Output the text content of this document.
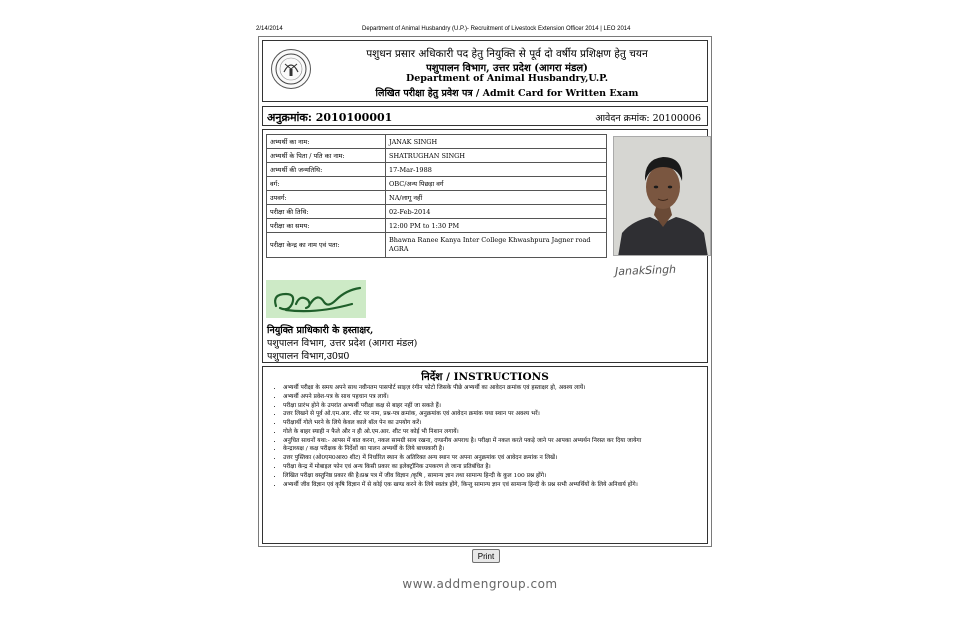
2/14/2014	Department of Animal Husbandry (U.P.)- Recruitment of Livestock Extension Officer 2014 | LEO 2014
पशुधन प्रसार अधिकारी पद हेतु नियुक्ति से पूर्व दो वर्षीय प्रशिक्षण हेतु चयन
पशुपालन विभाग, उत्तर प्रदेश (आगरा मंडल)
Department of Animal Husbandry,U.P.
लिखित परीक्षा हेतु प्रवेश पत्र / Admit Card for Written Exam
अनुक्रमांक: 2010100001	आवेदन क्रमांक: 20100006
अभ्यर्थी का नाम:	JANAK SINGH
अभ्यर्थी के पिता / पति का नाम:	SHATRUGHAN SINGH
अभ्यर्थी की जन्मतिथि:	17-Mar-1988
वर्ग:	OBC/अन्य पिछड़ा वर्ग
उपवर्ग:	NA/लागू नहीं
परीक्षा की तिथि:	02-Feb-2014
परीक्षा का समय:	12:00 PM to 1:30 PM
परीक्षा केन्द्र का नाम एवं पता:	Bhawna Ranee Kanya Inter College Khwashpura Jagner road AGRA
JanakSingh
नियुक्ति प्राधिकारी के हस्ताक्षर,
पशुपालन विभाग, उत्तर प्रदेश (आगरा मंडल)
पशुपालन विभाग,उ0प्र0
निर्देश / INSTRUCTIONS
• अभ्यर्थी परीक्षा के समय अपने साथ नवीनतम पासपोर्ट साइज़ रंगीन फोटो जिसके पीछे अभ्यर्थी का आवेदन क्रमांक एवं हस्ताक्षर हो, अवश्य लायें।
• अभ्यर्थी अपने प्रवेश-पत्र के साथ पहचान पत्र लायें।
• परीक्षा प्रारंभ होने के उपरांत अभ्यर्थी परीक्षा कक्ष से बाहर नहीं जा सकते हैं।
• उत्तर लिखने से पूर्व ओ.एम.आर. शीट पर नाम, प्रश्न-पत्र क्रमांक, अनुक्रमांक एवं आवेदन क्रमांक यथा स्थान पर अवश्य भरें।
• परीक्षार्थी गोले भरने के लिये केवल काले बॉल पेन का उपयोग करें।
• गोले के बाहर स्याही न फैले और न ही ओ.एम.आर. शीट पर कोई भी निशान लगायें।
• अनुचित साधनों यथा:- आपस में बात करना, नकल सामग्री साथ रखना, दण्डनीय अपराध है। परीक्षा में नकल करते पकड़े जाने पर आपका अभ्यर्थन निरस्त कर दिया जायेगा
• केन्द्राध्यक्ष / कक्ष परीक्षक के निर्देशों का पालन अभ्यर्थी के लिये बाध्यकारी है।
• उत्तर पुस्तिका (ओ0एम0आर0 शीट) में निर्धारित स्थान के अतिरिक्त अन्य स्थान पर अपना अनुक्रमांक एवं आवेदन क्रमांक न लिखें।
• परीक्षा केन्द्र में मोबाइल फोन एवं अन्य किसी प्रकार का इलेक्ट्रॉनिक उपकरण ले जाना प्रतिबंधित है।
• लिखित परीक्षा वस्तुनिष्ठ प्रकार की है।प्रश्न पत्र में जीव विज्ञान /कृषि , सामान्य ज्ञान तथा सामान्य हिन्दी के कुल 100 प्रश्न होंगे।
• अभ्यर्थी जीव विज्ञान एवं कृषि विज्ञान में से कोई एक खण्ड करने के लिये स्वतंत्र होंगे, किन्तु सामान्य ज्ञान एवं सामान्य हिन्दी के प्रश्न सभी अभ्यर्थियों के लिये अनिवार्य होंगे।
Print
www.addmengroup.com
